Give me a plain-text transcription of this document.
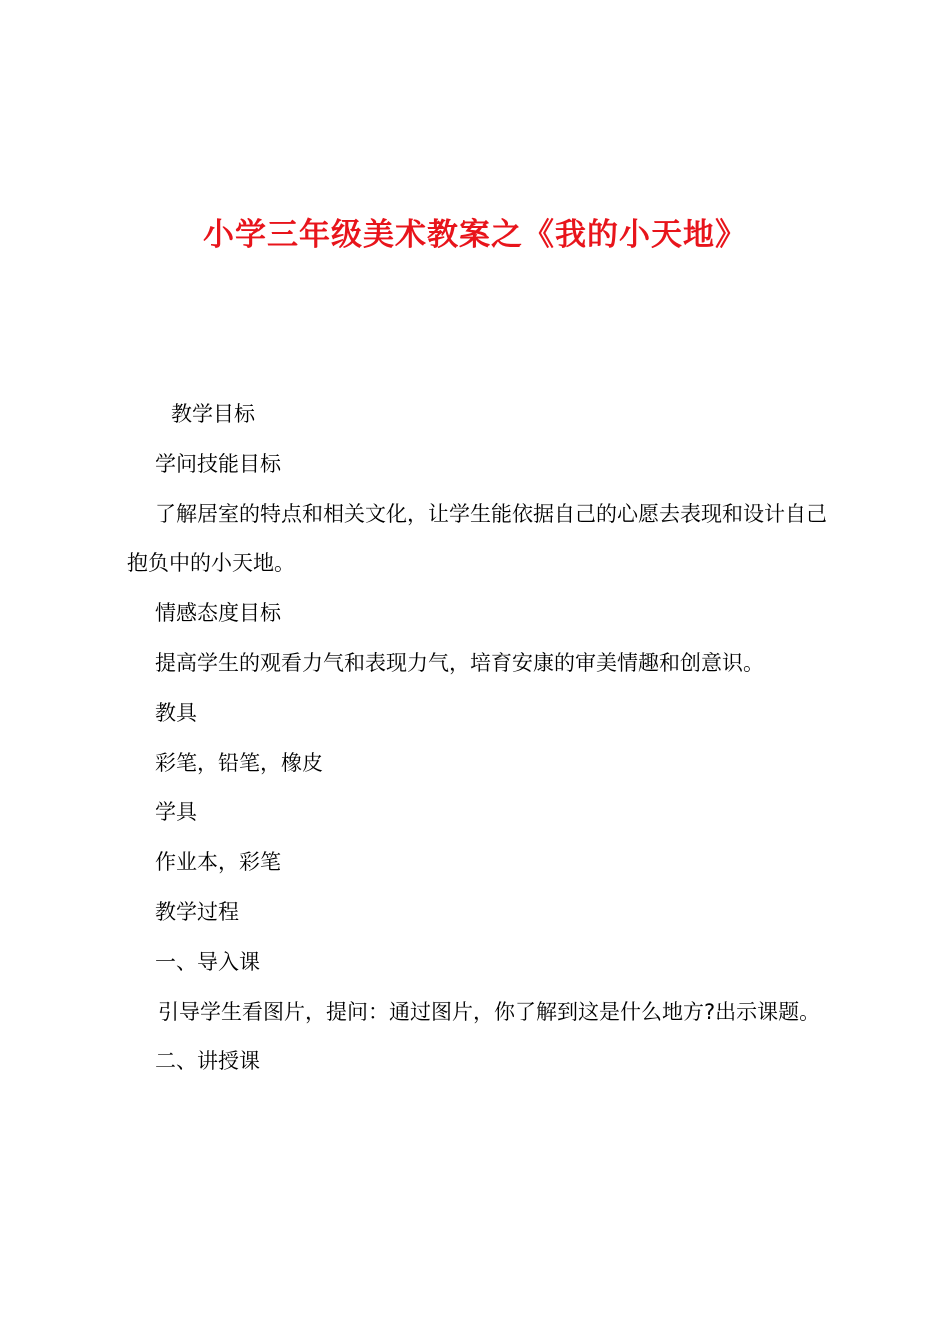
小学三年级美术教案之《我的小天地》

教学目标

学问技能目标

了解居室的特点和相关文化，让学生能依据自己的心愿去表现和设计自己抱负中的小天地。

情感态度目标

提高学生的观看力气和表现力气，培育安康的审美情趣和创意识。

教具

彩笔，铅笔，橡皮

学具

作业本，彩笔

教学过程

一、导入课

引导学生看图片，提问：通过图片，你了解到这是什么地方?出示课题。

二、讲授课
